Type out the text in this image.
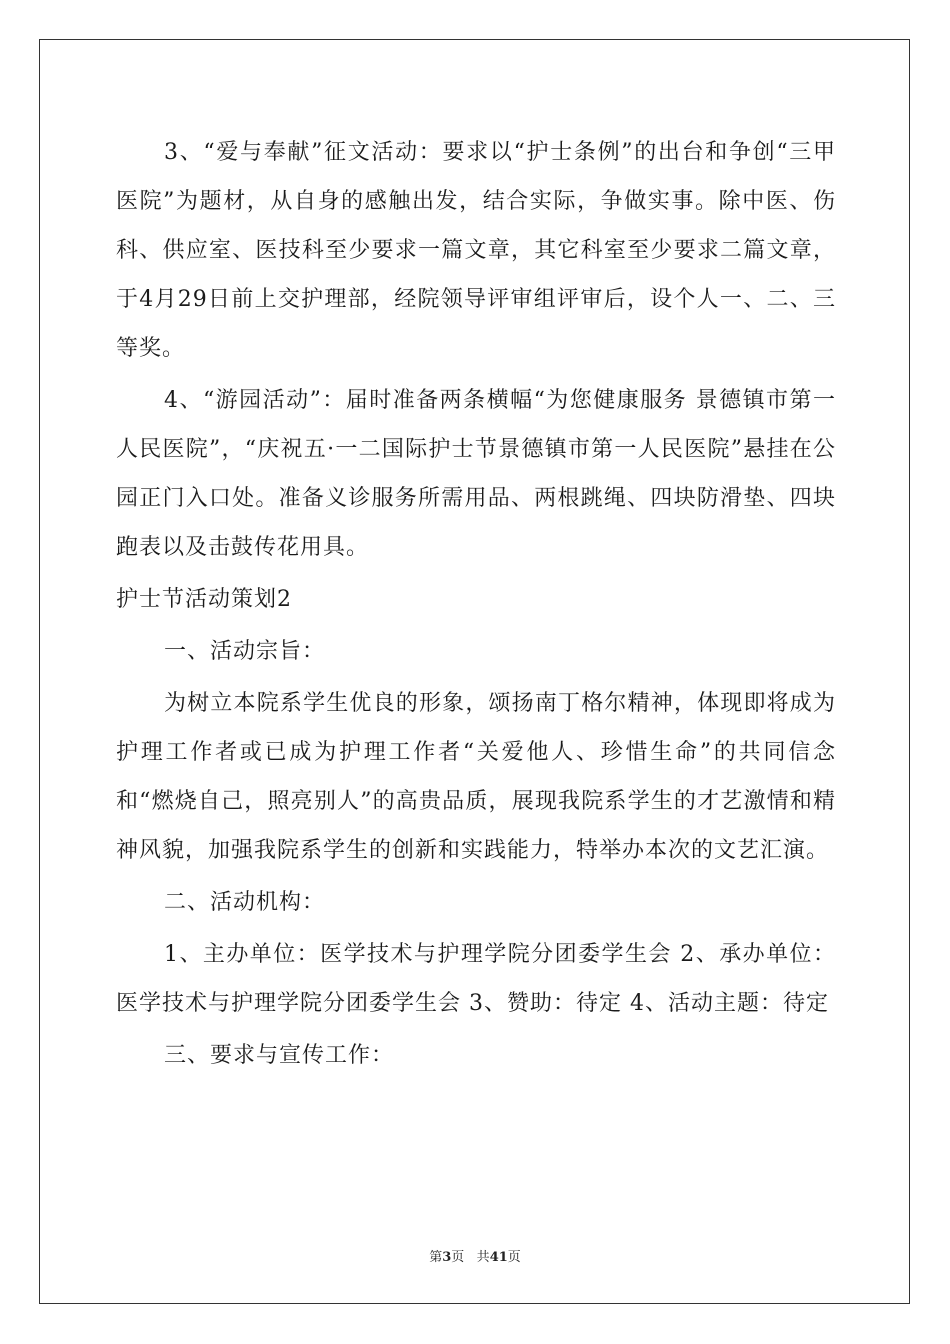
3、“爱与奉献”征文活动：要求以“护士条例”的出台和争创“三甲医院”为题材，从自身的感触出发，结合实际，争做实事。除中医、伤科、供应室、医技科至少要求一篇文章，其它科室至少要求二篇文章，于4月29日前上交护理部，经院领导评审组评审后，设个人一、二、三等奖。

4、“游园活动”：届时准备两条横幅“为您健康服务 景德镇市第一人民医院”，“庆祝五·一二国际护士节景德镇市第一人民医院”悬挂在公园正门入口处。准备义诊服务所需用品、两根跳绳、四块防滑垫、四块跑表以及击鼓传花用具。

护士节活动策划2

一、活动宗旨：

为树立本院系学生优良的形象，颂扬南丁格尔精神，体现即将成为护理工作者或已成为护理工作者“关爱他人、珍惜生命”的共同信念和“燃烧自己，照亮别人”的高贵品质，展现我院系学生的才艺激情和精神风貌，加强我院系学生的创新和实践能力，特举办本次的文艺汇演。

二、活动机构：

1、主办单位：医学技术与护理学院分团委学生会 2、承办单位：医学技术与护理学院分团委学生会 3、赞助：待定 4、活动主题：待定

三、要求与宣传工作：

第3页 共41页
